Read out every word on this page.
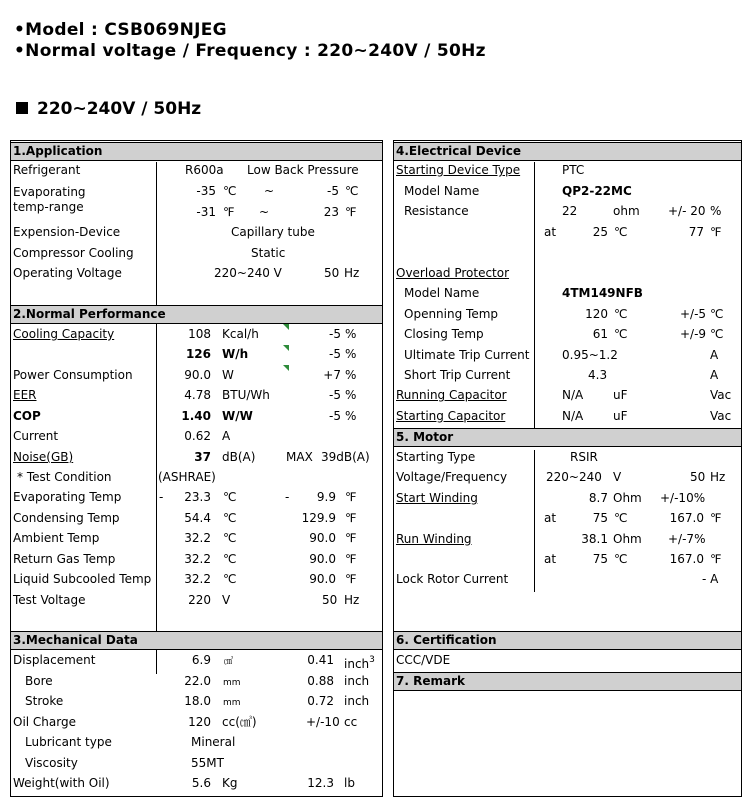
•Model : CSB069NJEG
•Normal voltage / Frequency : 220~240V / 50Hz
220~240V / 50Hz
1.Application
Refrigerant	R600a Low Back Pressure
Evaporating
temp-range
-35 ℃ ~	-5 ℃
-31 ℉ ~	23 ℉
Expension-Device	Capillary tube
Compressor Cooling	Static
Operating Voltage	220~240 V	50 Hz
2.Normal Performance
Cooling Capacity	108 Kcal/h	-5 %
126 W/h	-5 %
Power Consumption	90.0 W	+7 %
EER	4.78 BTU/Wh	-5 %
COP	1.40 W/W	-5 %
Current	0.62 A
Noise(GB)	37 dB(A)	MAX 39dB(A)
* Test Condition	(ASHRAE)
Evaporating Temp	-	23.3 ℃	-	9.9 ℉
Condensing Temp	54.4 ℃	129.9 ℉
Ambient Temp	32.2 ℃	90.0 ℉
Return Gas Temp	32.2 ℃	90.0 ℉
Liquid Subcooled Temp	32.2 ℃	90.0 ℉
Test Voltage	220 V	50 Hz
3.Mechanical Data
Displacement	6.9 ㎤	0.41 inch$^3$
Bore	22.0 mm	0.88 inch
Stroke	18.0 mm	0.72 inch
Oil Charge	120 cc(㎤)	+/-10 cc
Lubricant type	Mineral
Viscosity	55MT
Weight(with Oil)	5.6 Kg	12.3 lb
4.Electrical Device
Starting Device Type	PTC
Model Name	QP2-22MC
Resistance	22	ohm +/- 20 %
at	25 ℃	77 ℉
Overload Protector
Model Name	4TM149NFB
Openning Temp	120 ℃	+/-5 ℃
Closing Temp	61 ℃	+/-9 ℃
Ultimate Trip Current	0.95~1.2	A
Short Trip Current	4.3	A
Running Capacitor	N/A uF	Vac
Starting Capacitor	N/A uF	Vac
5. Motor
Starting Type	RSIR
Voltage/Frequency	220~240 V	50 Hz
Start Winding	8.7 Ohm +/-10%
at	75 ℃	167.0 ℉
Run Winding	38.1 Ohm +/-7%
at	75 ℃	167.0 ℉
Lock Rotor Current	- A
6. Certification
CCC/VDE
7. Remark
